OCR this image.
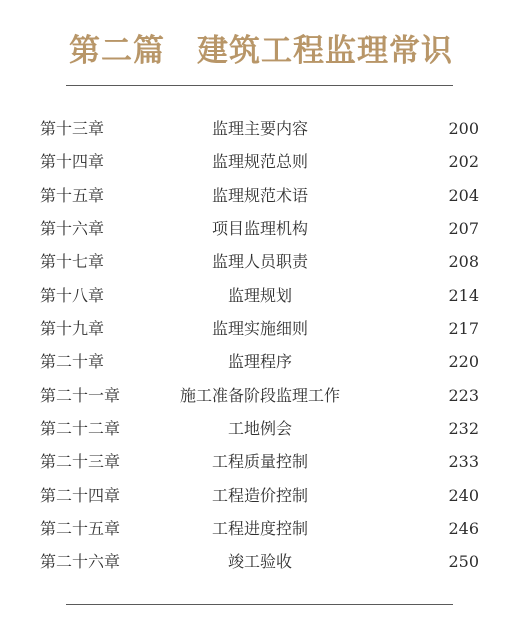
第二篇　建筑工程监理常识
第十三章	监理主要内容	200
第十四章	监理规范总则	202
第十五章	监理规范术语	204
第十六章	项目监理机构	207
第十七章	监理人员职责	208
第十八章	监理规划	214
第十九章	监理实施细则	217
第二十章	监理程序	220
第二十一章	施工准备阶段监理工作	223
第二十二章	工地例会	232
第二十三章	工程质量控制	233
第二十四章	工程造价控制	240
第二十五章	工程进度控制	246
第二十六章	竣工验收	250
